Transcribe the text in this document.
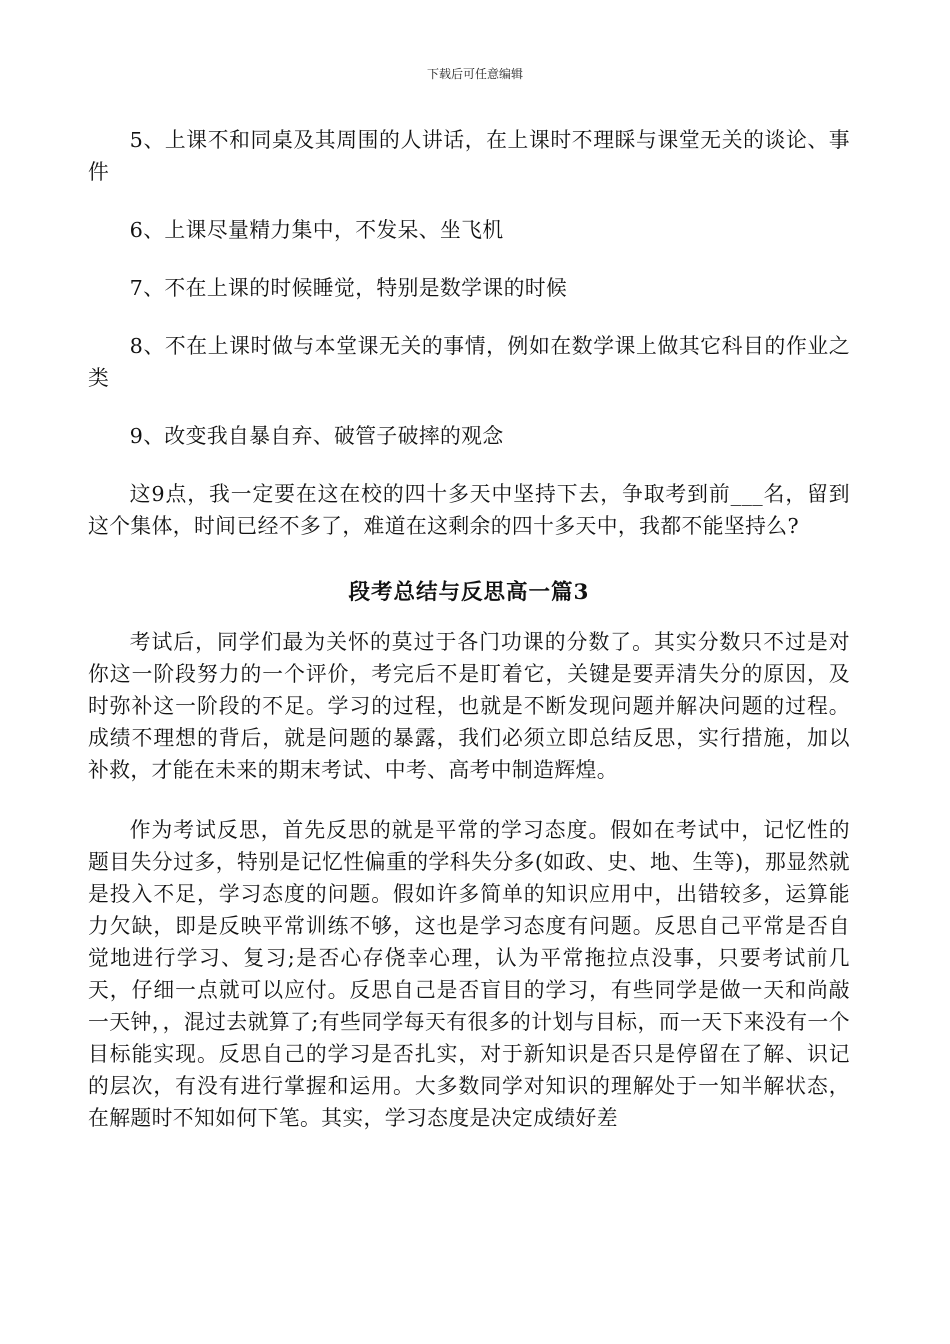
下载后可任意编辑

5、上课不和同桌及其周围的人讲话，在上课时不理睬与课堂无关的谈论、事件

6、上课尽量精力集中，不发呆、坐飞机

7、不在上课的时候睡觉，特别是数学课的时候

8、不在上课时做与本堂课无关的事情，例如在数学课上做其它科目的作业之类

9、改变我自暴自弃、破管子破摔的观念

这9点，我一定要在这在校的四十多天中坚持下去，争取考到前___名，留到这个集体，时间已经不多了，难道在这剩余的四十多天中，我都不能坚持么?

段考总结与反思高一篇3

考试后，同学们最为关怀的莫过于各门功课的分数了。其实分数只不过是对你这一阶段努力的一个评价，考完后不是盯着它，关键是要弄清失分的原因，及时弥补这一阶段的不足。学习的过程，也就是不断发现问题并解决问题的过程。成绩不理想的背后，就是问题的暴露，我们必须立即总结反思，实行措施，加以补救，才能在未来的期末考试、中考、高考中制造辉煌。

作为考试反思，首先反思的就是平常的学习态度。假如在考试中，记忆性的题目失分过多，特别是记忆性偏重的学科失分多(如政、史、地、生等)，那显然就是投入不足，学习态度的问题。假如许多简单的知识应用中，出错较多，运算能力欠缺，即是反映平常训练不够，这也是学习态度有问题。反思自己平常是否自觉地进行学习、复习;是否心存侥幸心理，认为平常拖拉点没事，只要考试前几天，仔细一点就可以应付。反思自己是否盲目的学习，有些同学是做一天和尚敲一天钟，，混过去就算了;有些同学每天有很多的计划与目标，而一天下来没有一个目标能实现。反思自己的学习是否扎实，对于新知识是否只是停留在了解、识记的层次，有没有进行掌握和运用。大多数同学对知识的理解处于一知半解状态，在解题时不知如何下笔。其实，学习态度是决定成绩好差
